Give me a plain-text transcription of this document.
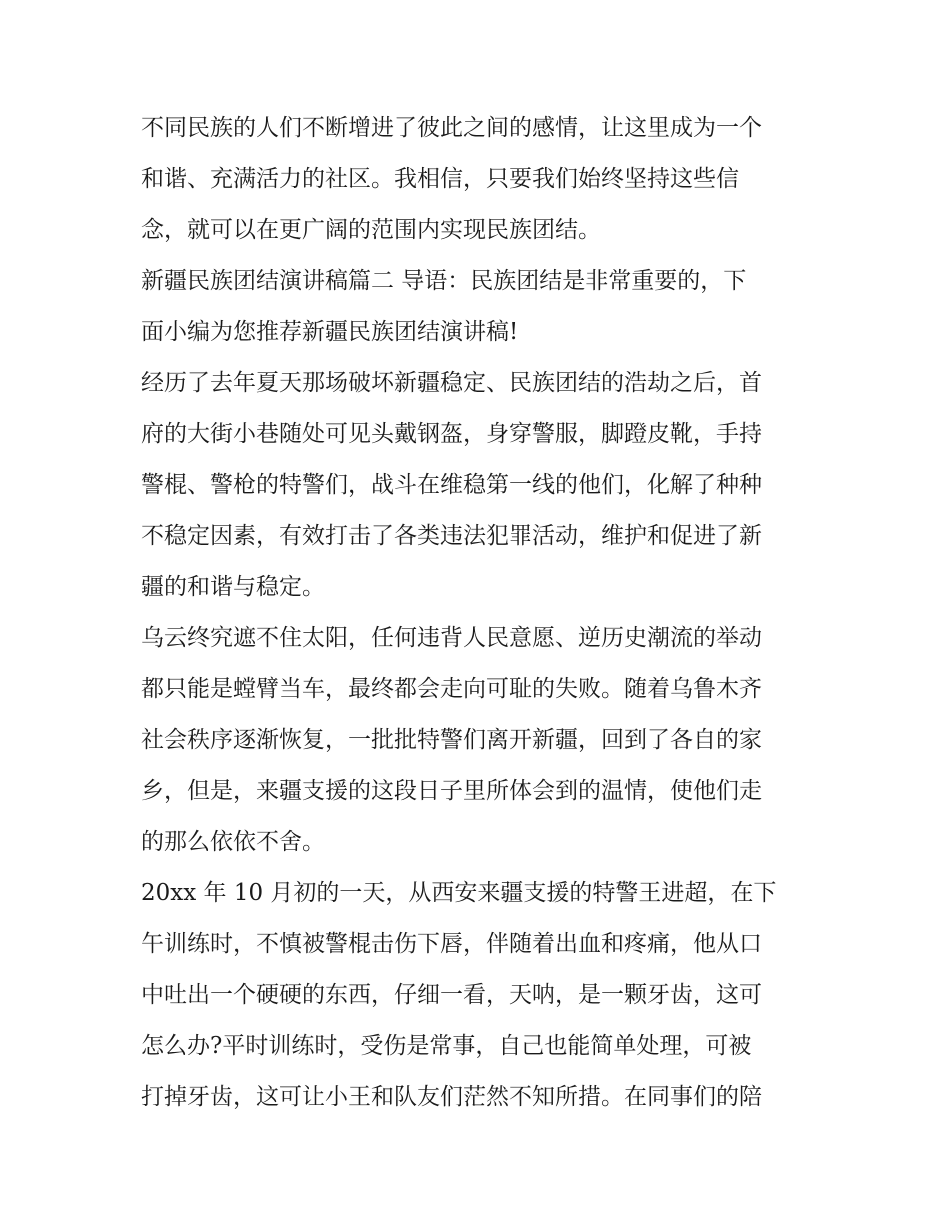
不同民族的人们不断增进了彼此之间的感情，让这里成为一个
和谐、充满活力的社区。我相信，只要我们始终坚持这些信
念，就可以在更广阔的范围内实现民族团结。
新疆民族团结演讲稿篇二 导语：民族团结是非常重要的，下
面小编为您推荐新疆民族团结演讲稿!
经历了去年夏天那场破坏新疆稳定、民族团结的浩劫之后，首
府的大街小巷随处可见头戴钢盔，身穿警服，脚蹬皮靴，手持
警棍、警枪的特警们，战斗在维稳第一线的他们，化解了种种
不稳定因素，有效打击了各类违法犯罪活动，维护和促进了新
疆的和谐与稳定。
乌云终究遮不住太阳，任何违背人民意愿、逆历史潮流的举动
都只能是螳臂当车，最终都会走向可耻的失败。随着乌鲁木齐
社会秩序逐渐恢复，一批批特警们离开新疆，回到了各自的家
乡，但是，来疆支援的这段日子里所体会到的温情，使他们走
的那么依依不舍。
20xx 年 10 月初的一天，从西安来疆支援的特警王进超，在下
午训练时，不慎被警棍击伤下唇，伴随着出血和疼痛，他从口
中吐出一个硬硬的东西，仔细一看，天呐，是一颗牙齿，这可
怎么办?平时训练时，受伤是常事，自己也能简单处理，可被
打掉牙齿，这可让小王和队友们茫然不知所措。在同事们的陪
